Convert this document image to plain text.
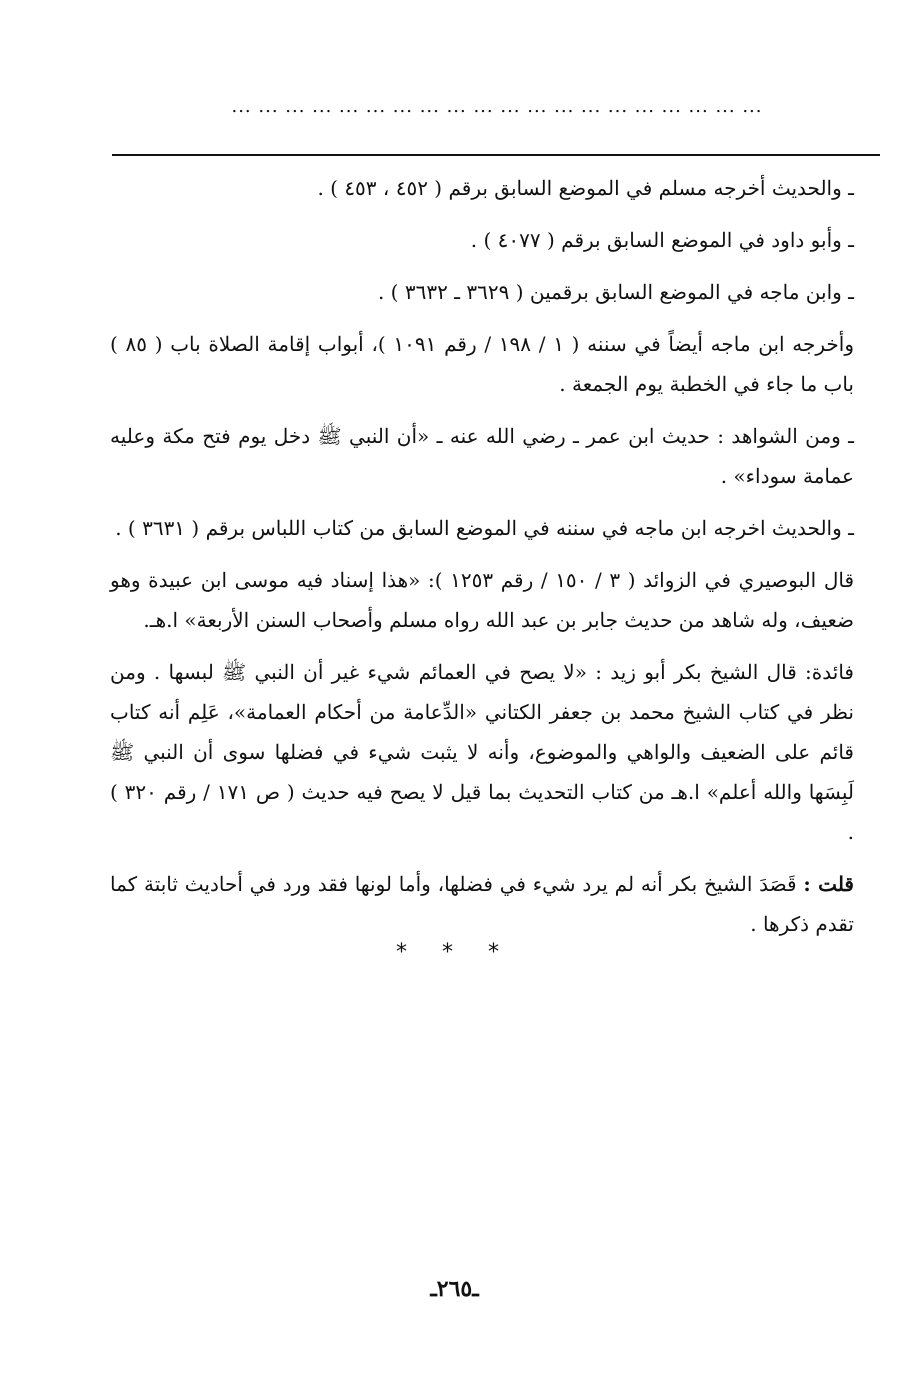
... ... ... ... ... ... ... ... ... ... ... ... ... ... ... ... ... ... ... ...

ـ والحديث أخرجه مسلم في الموضع السابق برقم ( ٤٥٢ ، ٤٥٣ ) .

ـ وأبو داود في الموضع السابق برقم ( ٤٠٧٧ ) .

ـ وابن ماجه في الموضع السابق برقمين ( ٣٦٢٩ ـ ٣٦٣٢ ) .

وأخرجه ابن ماجه أيضاً في سننه ( ١ / ١٩٨ / رقم ١٠٩١ )، أبواب إقامة الصلاة باب ( ٨٥ ) باب ما جاء في الخطبة يوم الجمعة .

ـ ومن الشواهد : حديث ابن عمر ـ رضي الله عنه ـ «أن النبي ﷺ دخل يوم فتح مكة وعليه عمامة سوداء» .

ـ والحديث اخرجه ابن ماجه في سننه في الموضع السابق من كتاب اللباس برقم ( ٣٦٣١ ) .

قال البوصيري في الزوائد ( ٣ / ١٥٠ / رقم ١٢٥٣ ): «هذا إسناد فيه موسى ابن عبيدة وهو ضعيف، وله شاهد من حديث جابر بن عبد الله رواه مسلم وأصحاب السنن الأربعة» ا.هـ.

فائدة: قال الشيخ بكر أبو زيد : «لا يصح في العمائم شيء غير أن النبي ﷺ لبسها . ومن نظر في كتاب الشيخ محمد بن جعفر الكتاني «الدِّعامة من أحكام العمامة»، عَلِم أنه كتاب قائم على الضعيف والواهي والموضوع، وأنه لا يثبت شيء في فضلها سوى أن النبي ﷺ لَبِسَها والله أعلم» ا.هـ من كتاب التحديث بما قيل لا يصح فيه حديث ( ص ١٧١ / رقم ٣٢٠ ) .

قلت : قَصَدَ الشيخ بكر أنه لم يرد شيء في فضلها، وأما لونها فقد ورد في أحاديث ثابتة كما تقدم ذكرها .

* * *
ـ٢٦٥ـ
